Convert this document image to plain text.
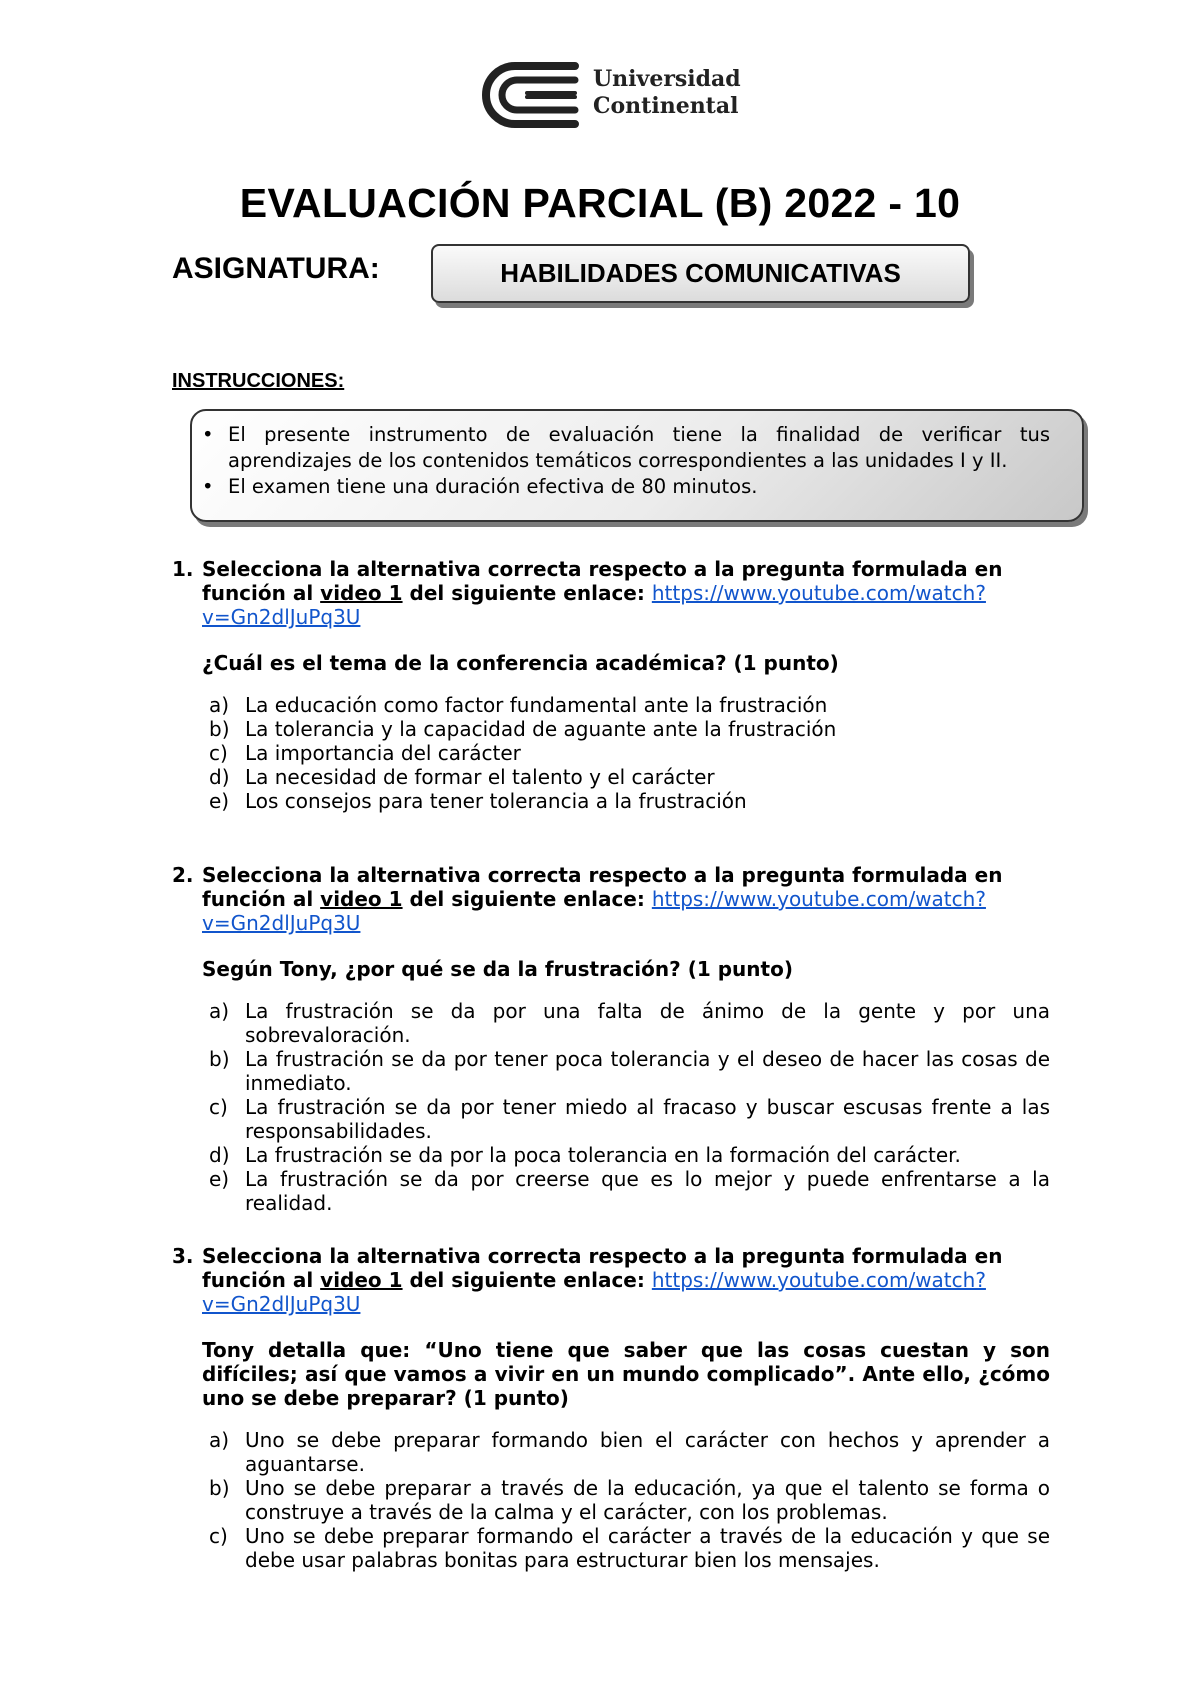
Universidad
Continental
EVALUACIÓN PARCIAL (B) 2022 - 10
ASIGNATURA:	HABILIDADES COMUNICATIVAS
INSTRUCCIONES:
• El presente instrumento de evaluación tiene la finalidad de verificar tus aprendizajes de los contenidos temáticos correspondientes a las unidades I y II.
• El examen tiene una duración efectiva de 80 minutos.
1. Selecciona la alternativa correcta respecto a la pregunta formulada en función al video 1 del siguiente enlace: https://www.youtube.com/watch?v=Gn2dlJuPq3U
¿Cuál es el tema de la conferencia académica? (1 punto)
a) La educación como factor fundamental ante la frustración
b) La tolerancia y la capacidad de aguante ante la frustración
c) La importancia del carácter
d) La necesidad de formar el talento y el carácter
e) Los consejos para tener tolerancia a la frustración
2. Selecciona la alternativa correcta respecto a la pregunta formulada en función al video 1 del siguiente enlace: https://www.youtube.com/watch?v=Gn2dlJuPq3U
Según Tony, ¿por qué se da la frustración? (1 punto)
a) La frustración se da por una falta de ánimo de la gente y por una sobrevaloración.
b) La frustración se da por tener poca tolerancia y el deseo de hacer las cosas de inmediato.
c) La frustración se da por tener miedo al fracaso y buscar escusas frente a las responsabilidades.
d) La frustración se da por la poca tolerancia en la formación del carácter.
e) La frustración se da por creerse que es lo mejor y puede enfrentarse a la realidad.
3. Selecciona la alternativa correcta respecto a la pregunta formulada en función al video 1 del siguiente enlace: https://www.youtube.com/watch?v=Gn2dlJuPq3U
Tony detalla que: “Uno tiene que saber que las cosas cuestan y son difíciles; así que vamos a vivir en un mundo complicado”. Ante ello, ¿cómo uno se debe preparar? (1 punto)
a) Uno se debe preparar formando bien el carácter con hechos y aprender a aguantarse.
b) Uno se debe preparar a través de la educación, ya que el talento se forma o construye a través de la calma y el carácter, con los problemas.
c) Uno se debe preparar formando el carácter a través de la educación y que se debe usar palabras bonitas para estructurar bien los mensajes.
